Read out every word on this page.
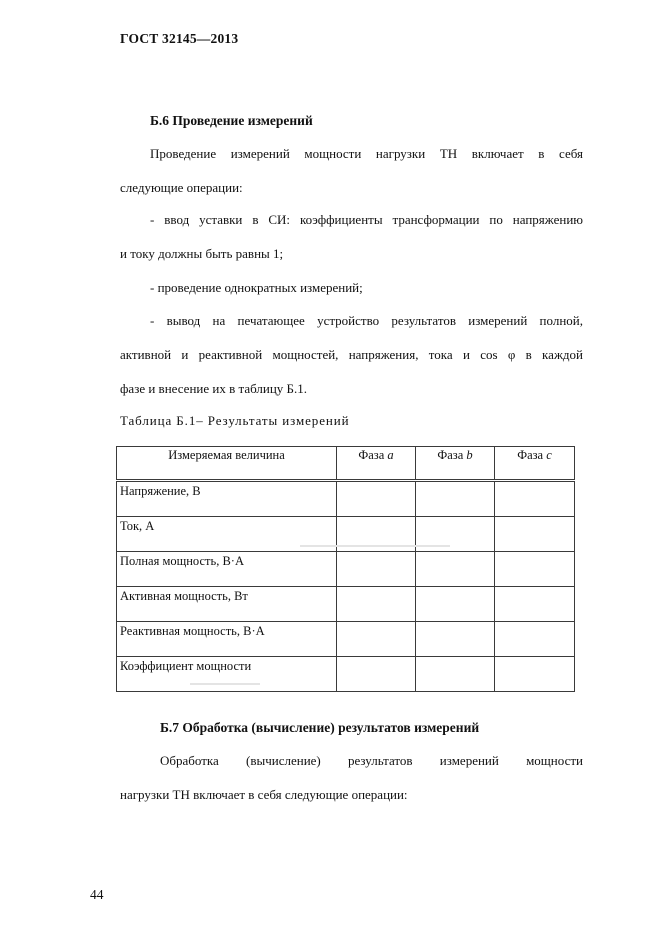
ГОСТ 32145—2013
Б.6 Проведение измерений
Проведение измерений мощности нагрузки ТН включает в себя
следующие операции:
- ввод уставки в СИ: коэффициенты трансформации по напряжению
и току должны быть равны 1;
- проведение однократных измерений;
- вывод на печатающее устройство результатов измерений полной,
активной и реактивной мощностей, напряжения, тока и cos φ в каждой
фазе и внесение их в таблицу Б.1.
Таблица Б.1– Результаты измерений
Измеряемая величина	Фаза a	Фаза b	Фаза c
Напряжение, В			
Ток, А			
Полная мощность, В·А			
Активная мощность, Вт			
Реактивная мощность, В·А			
Коэффициент мощности			
Б.7 Обработка (вычисление) результатов измерений
Обработка (вычисление) результатов измерений мощности
нагрузки ТН включает в себя следующие операции:
44
